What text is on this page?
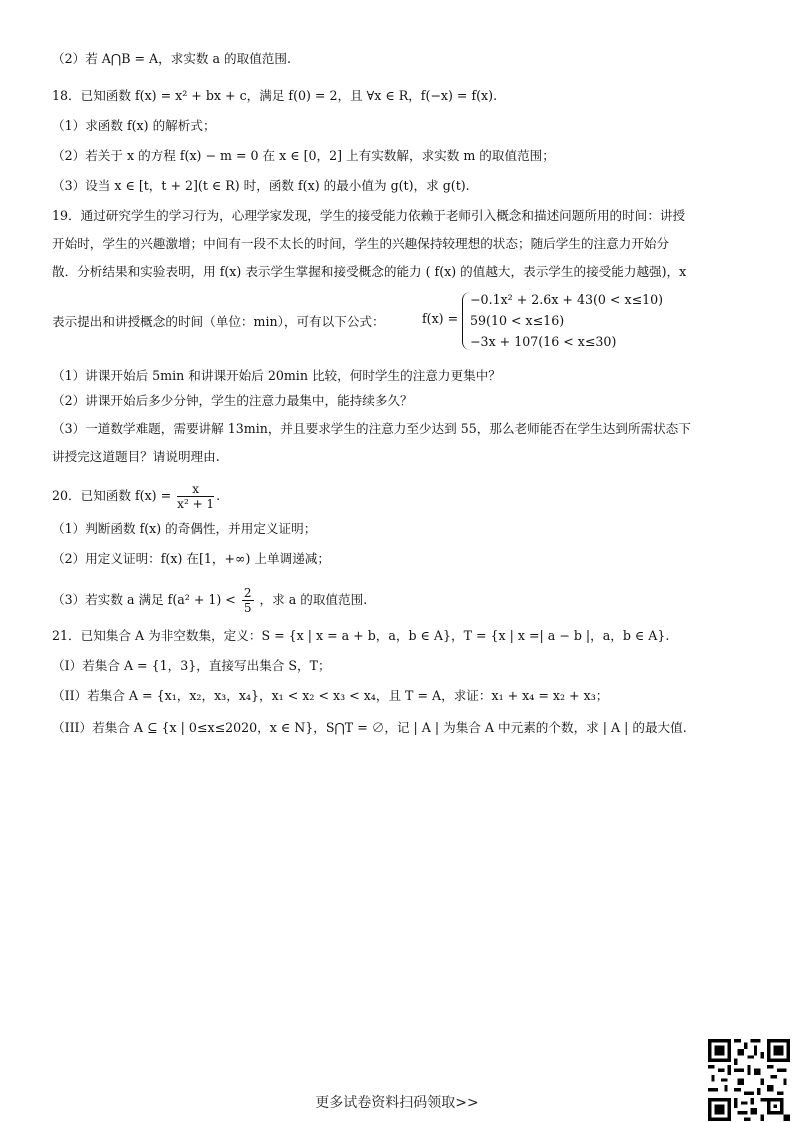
（2）若 A⋂B = A，求实数 a 的取值范围.
18．已知函数 f(x) = x² + bx + c，满足 f(0) = 2，且 ∀x ∈ R，f(−x) = f(x).
（1）求函数 f(x) 的解析式；
（2）若关于 x 的方程 f(x) − m = 0 在 x ∈ [0，2] 上有实数解，求实数 m 的取值范围；
（3）设当 x ∈ [t，t + 2](t ∈ R) 时，函数 f(x) 的最小值为 g(t)，求 g(t).
19．通过研究学生的学习行为，心理学家发现，学生的接受能力依赖于老师引入概念和描述问题所用的时间：讲授
开始时，学生的兴趣激增；中间有一段不太长的时间，学生的兴趣保持较理想的状态；随后学生的注意力开始分
散．分析结果和实验表明，用 f(x) 表示学生掌握和接受概念的能力 ( f(x) 的值越大，表示学生的接受能力越强)，x
表示提出和讲授概念的时间（单位：min），可有以下公式：	f(x) =
−0.1x² + 2.6x + 43(0 < x≤10)
59(10 < x≤16)
−3x + 107(16 < x≤30)
（1）讲课开始后 5min 和讲课开始后 20min 比较，何时学生的注意力更集中？
（2）讲课开始后多少分钟，学生的注意力最集中，能持续多久？
（3）一道数学难题，需要讲解 13min，并且要求学生的注意力至少达到 55，那么老师能否在学生达到所需状态下
讲授完这道题目？请说明理由.
20．已知函数 $f(x) = \frac{x}{\text{x² + 1}}$ .
（1）判断函数 f(x) 的奇偶性，并用定义证明；
（2）用定义证明：f(x) 在[1，+∞) 上单调递减；
（3）若实数 a 满足 $f(a^2 + 1) < \frac{2}{5}$ ，求 a 的取值范围.
21．已知集合 A 为非空数集，定义：S = {x | x = a + b，a，b ∈ A}，T = {x | x =| a − b |，a，b ∈ A}.
（I）若集合 A = {1，3}，直接写出集合 S，T；
（II）若集合 A = {x₁，x₂，x₃，x₄}，x₁ < x₂ < x₃ < x₄，且 T = A，求证：x₁ + x₄ = x₂ + x₃；
（III）若集合 A ⊆ {x | 0≤x≤2020，x ∈ N}，S⋂T = ∅，记 | A | 为集合 A 中元素的个数，求 | A | 的最大值.
更多试卷资料扫码领取>>
